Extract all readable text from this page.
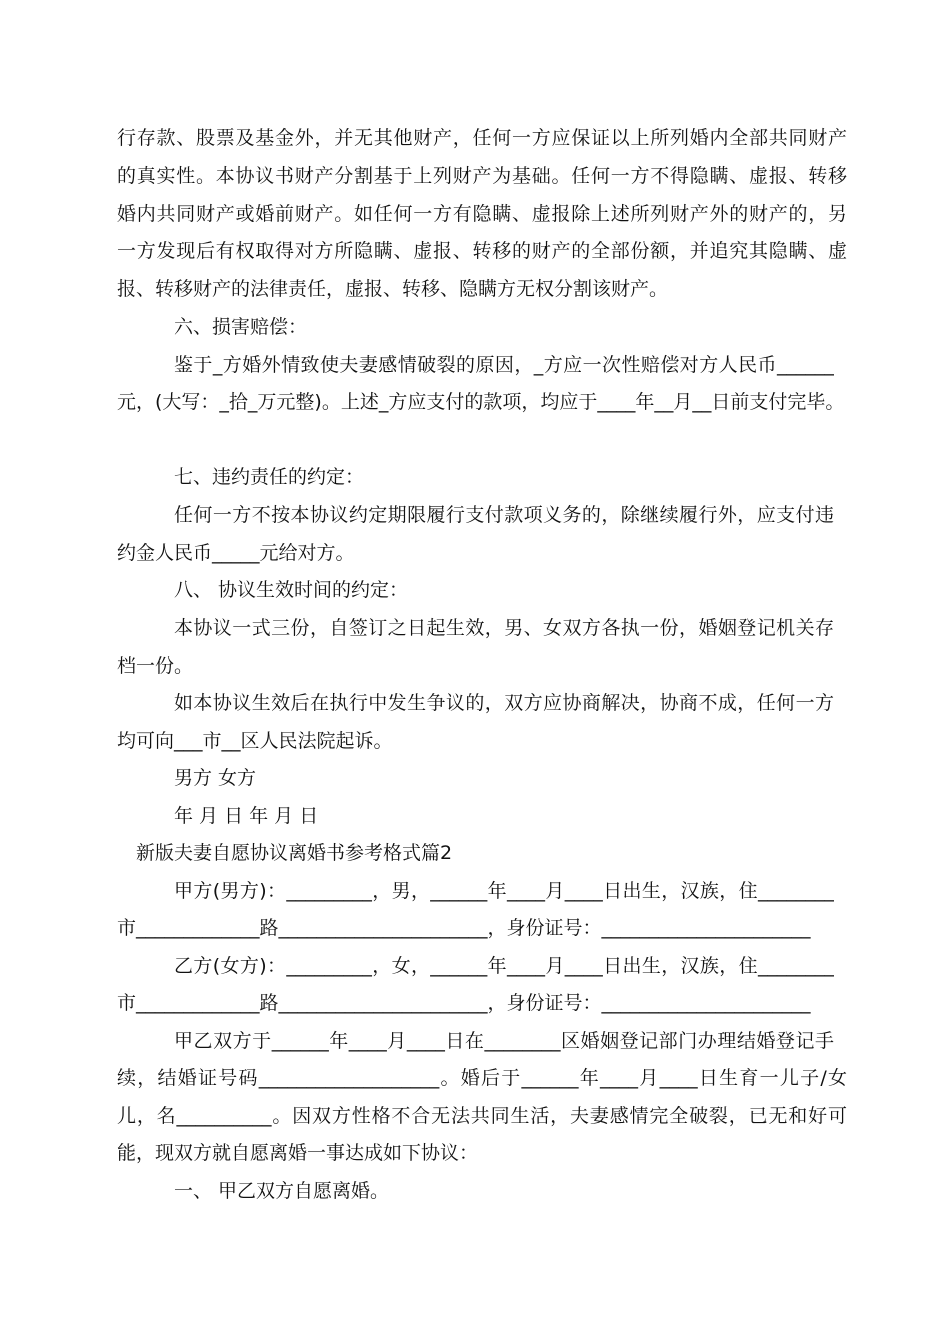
行存款、股票及基金外，并无其他财产，任何一方应保证以上所列婚内全部共同财产
的真实性。本协议书财产分割基于上列财产为基础。任何一方不得隐瞒、虚报、转移
婚内共同财产或婚前财产。如任何一方有隐瞒、虚报除上述所列财产外的财产的，另
一方发现后有权取得对方所隐瞒、虚报、转移的财产的全部份额，并追究其隐瞒、虚
报、转移财产的法律责任，虚报、转移、隐瞒方无权分割该财产。
六、损害赔偿：
鉴于_方婚外情致使夫妻感情破裂的原因，_方应一次性赔偿对方人民币______
元，(大写：_拾_万元整)。上述_方应支付的款项，均应于____年__月__日前支付完毕。
七、违约责任的约定：
任何一方不按本协议约定期限履行支付款项义务的，除继续履行外，应支付违
约金人民币_____元给对方。
八、 协议生效时间的约定：
本协议一式三份，自签订之日起生效，男、女双方各执一份，婚姻登记机关存
档一份。
如本协议生效后在执行中发生争议的，双方应协商解决，协商不成，任何一方
均可向___市__区人民法院起诉。
男方 女方
年 月 日 年 月 日
新版夫妻自愿协议离婚书参考格式篇2
甲方(男方)：_________，男，______年____月____日出生，汉族，住________
市_____________路______________________，身份证号：______________________
乙方(女方)：_________，女，______年____月____日出生，汉族，住________
市_____________路______________________，身份证号：______________________
甲乙双方于______年____月____日在________区婚姻登记部门办理结婚登记手
续，结婚证号码___________________。婚后于______年____月____日生育一儿子/女
儿，名__________。因双方性格不合无法共同生活，夫妻感情完全破裂，已无和好可
能，现双方就自愿离婚一事达成如下协议：
一、 甲乙双方自愿离婚。
